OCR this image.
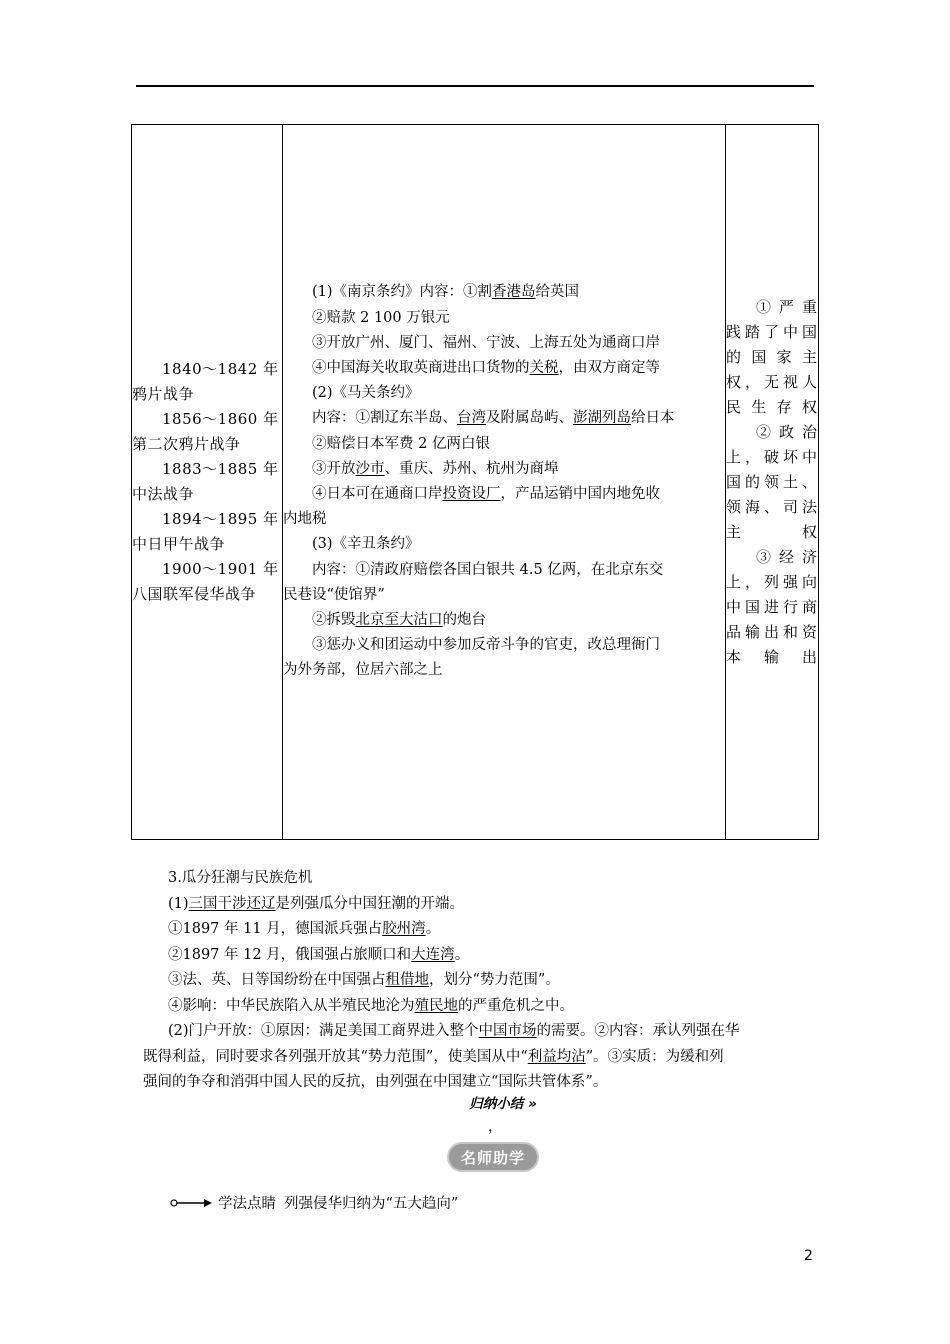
1840～1842 年
鸦片战争
1856～1860 年
第二次鸦片战争
1883～1885 年
中法战争
1894～1895 年
中日甲午战争
1900～1901 年
八国联军侵华战争

(1)《南京条约》内容：①割香港岛给英国
②赔款 2 100 万银元
③开放广州、厦门、福州、宁波、上海五处为通商口岸
④中国海关收取英商进出口货物的关税，由双方商定等
(2)《马关条约》
内容：①割辽东半岛、台湾及附属岛屿、澎湖列岛给日本
②赔偿日本军费 2 亿两白银
③开放沙市、重庆、苏州、杭州为商埠
④日本可在通商口岸投资设厂，产品运销中国内地免收
内地税
(3)《辛丑条约》
内容：①清政府赔偿各国白银共 4.5 亿两，在北京东交
民巷设“使馆界”
②拆毁北京至大沽口的炮台
③惩办义和团运动中参加反帝斗争的官吏，改总理衙门
为外务部，位居六部之上

①严重践踏了中国的国家主权，无视人民生存权
②政治上，破坏中国的领土、领海、司法主权
③经济上，列强向中国进行商品输出和资本输出
3.瓜分狂潮与民族危机
(1)三国干涉还辽是列强瓜分中国狂潮的开端。
①1897 年 11 月，德国派兵强占胶州湾。
②1897 年 12 月，俄国强占旅顺口和大连湾。
③法、英、日等国纷纷在中国强占租借地，划分“势力范围”。
④影响：中华民族陷入从半殖民地沦为殖民地的严重危机之中。
(2)门户开放：①原因：满足美国工商界进入整个中国市场的需要。②内容：承认列强在华
既得利益，同时要求各列强开放其“势力范围”，使美国从中“利益均沾”。③实质：为缓和列
强间的争夺和消弭中国人民的反抗，由列强在中国建立“国际共管体系”。
归纳小结 »
，
名师助学
学法点睛 列强侵华归纳为“五大趋向”
2
